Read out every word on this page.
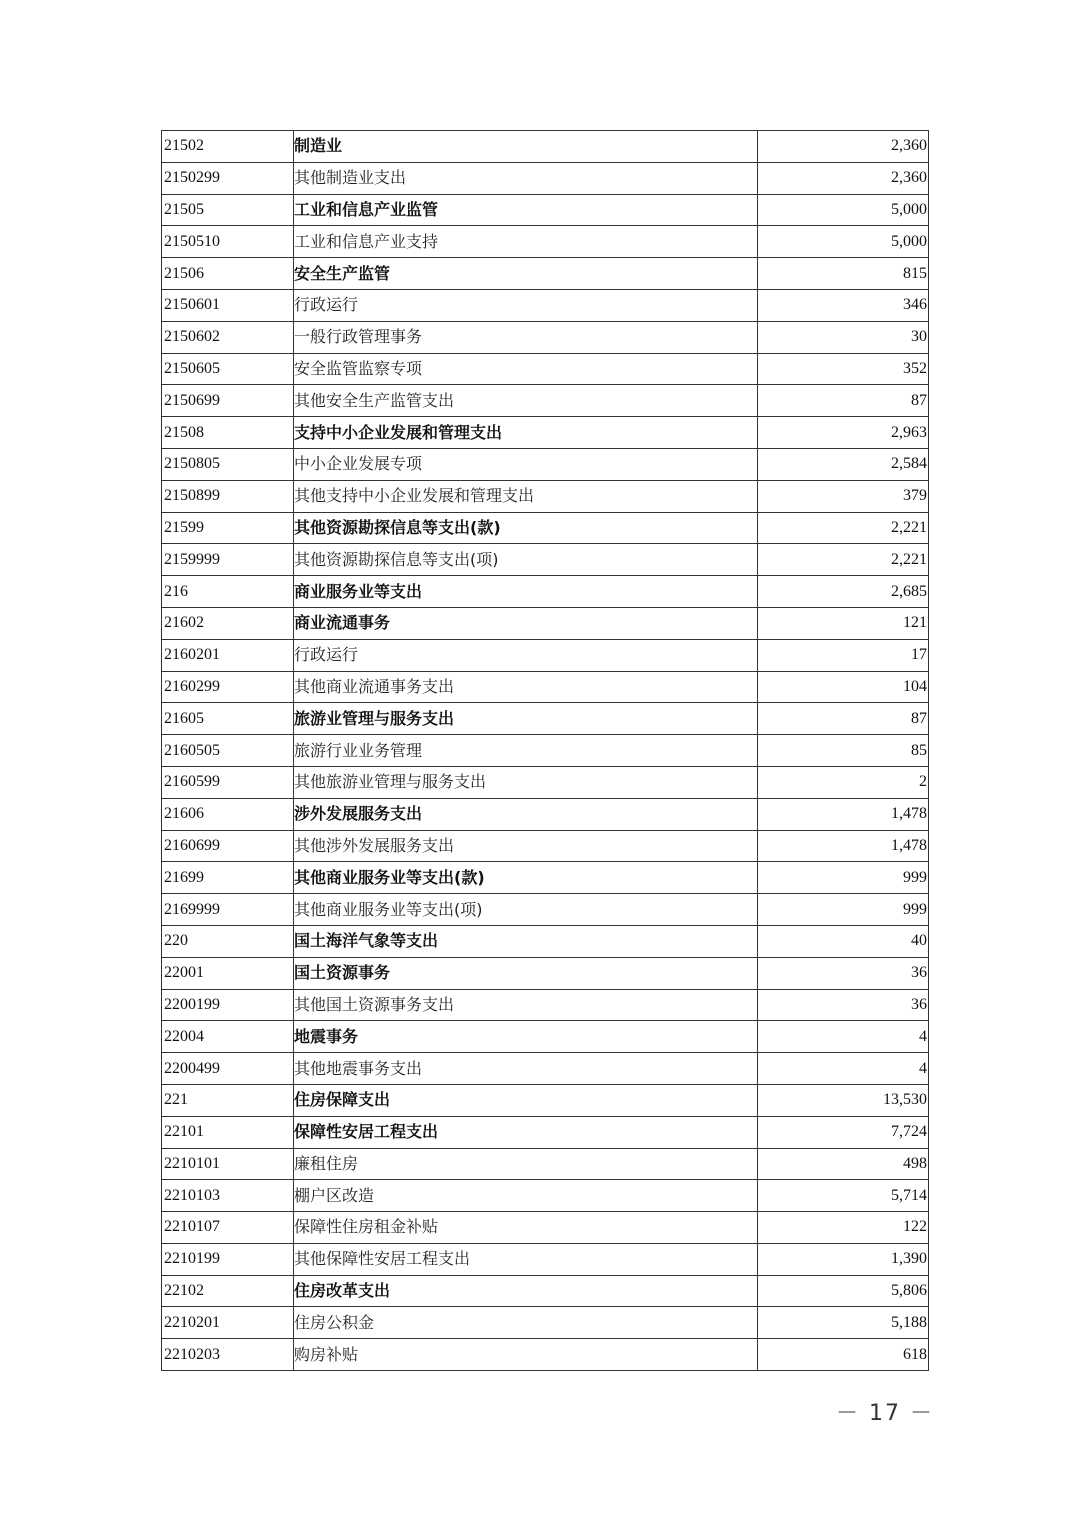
21502	制造业	2,360
2150299	其他制造业支出	2,360
21505	工业和信息产业监管	5,000
2150510	工业和信息产业支持	5,000
21506	安全生产监管	815
2150601	行政运行	346
2150602	一般行政管理事务	30
2150605	安全监管监察专项	352
2150699	其他安全生产监管支出	87
21508	支持中小企业发展和管理支出	2,963
2150805	中小企业发展专项	2,584
2150899	其他支持中小企业发展和管理支出	379
21599	其他资源勘探信息等支出(款)	2,221
2159999	其他资源勘探信息等支出(项)	2,221
216	商业服务业等支出	2,685
21602	商业流通事务	121
2160201	行政运行	17
2160299	其他商业流通事务支出	104
21605	旅游业管理与服务支出	87
2160505	旅游行业业务管理	85
2160599	其他旅游业管理与服务支出	2
21606	涉外发展服务支出	1,478
2160699	其他涉外发展服务支出	1,478
21699	其他商业服务业等支出(款)	999
2169999	其他商业服务业等支出(项)	999
220	国土海洋气象等支出	40
22001	国土资源事务	36
2200199	其他国土资源事务支出	36
22004	地震事务	4
2200499	其他地震事务支出	4
221	住房保障支出	13,530
22101	保障性安居工程支出	7,724
2210101	廉租住房	498
2210103	棚户区改造	5,714
2210107	保障性住房租金补贴	122
2210199	其他保障性安居工程支出	1,390
22102	住房改革支出	5,806
2210201	住房公积金	5,188
2210203	购房补贴	618
－ 17 －
